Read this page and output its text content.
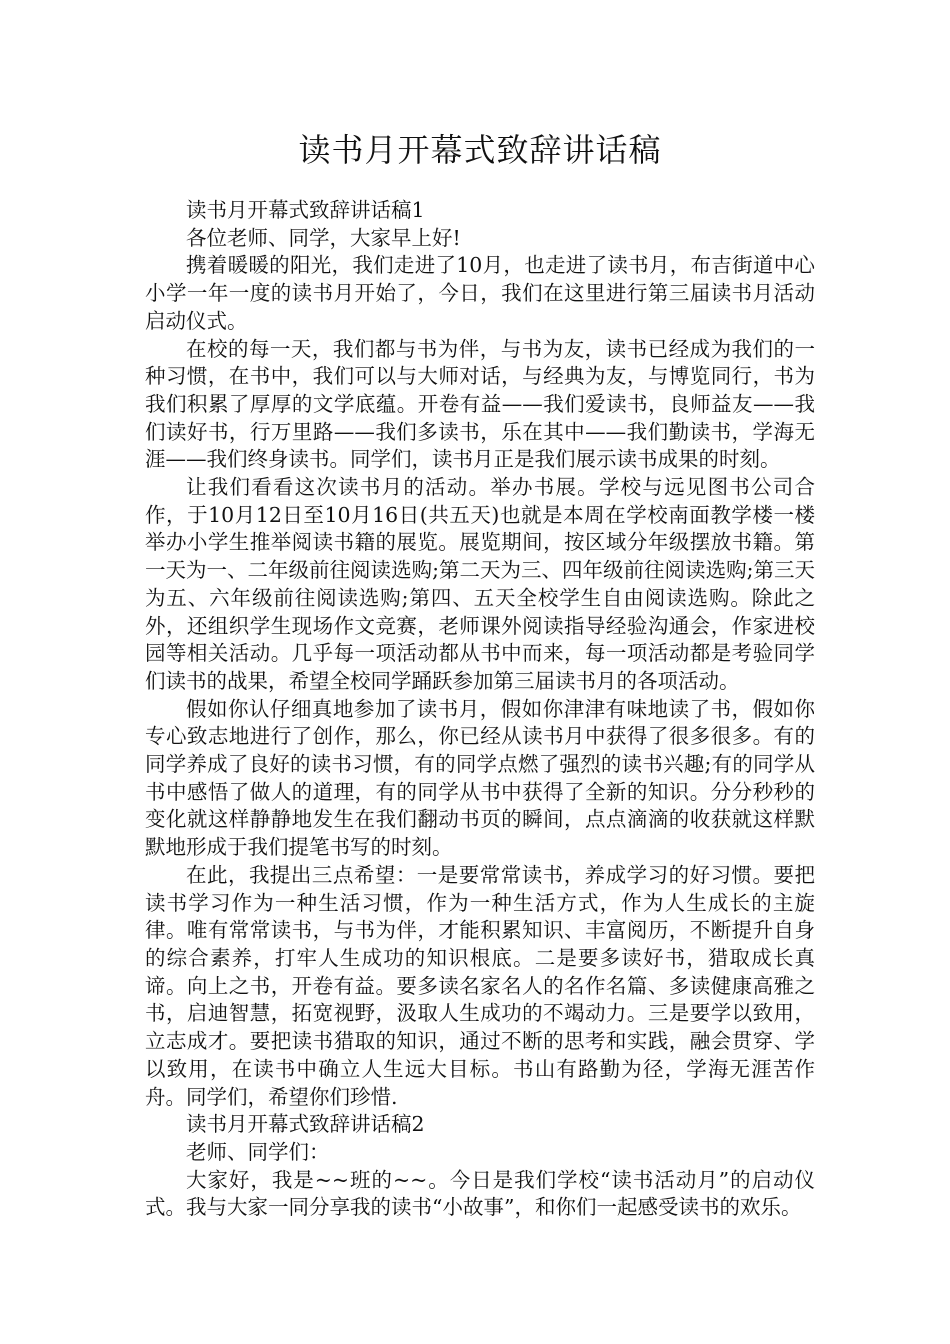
读书月开幕式致辞讲话稿

读书月开幕式致辞讲话稿1

各位老师、同学，大家早上好!

携着暖暖的阳光，我们走进了10月，也走进了读书月，布吉街道中心小学一年一度的读书月开始了，今日，我们在这里进行第三届读书月活动启动仪式。

在校的每一天，我们都与书为伴，与书为友，读书已经成为我们的一种习惯，在书中，我们可以与大师对话，与经典为友，与博览同行，书为我们积累了厚厚的文学底蕴。开卷有益——我们爱读书，良师益友——我们读好书，行万里路——我们多读书，乐在其中——我们勤读书，学海无涯——我们终身读书。同学们，读书月正是我们展示读书成果的时刻。

让我们看看这次读书月的活动。举办书展。学校与远见图书公司合作，于10月12日至10月16日(共五天)也就是本周在学校南面教学楼一楼举办小学生推举阅读书籍的展览。展览期间，按区域分年级摆放书籍。第一天为一、二年级前往阅读选购;第二天为三、四年级前往阅读选购;第三天为五、六年级前往阅读选购;第四、五天全校学生自由阅读选购。除此之外，还组织学生现场作文竞赛，老师课外阅读指导经验沟通会，作家进校园等相关活动。几乎每一项活动都从书中而来，每一项活动都是考验同学们读书的战果，希望全校同学踊跃参加第三届读书月的各项活动。

假如你认仔细真地参加了读书月，假如你津津有味地读了书，假如你专心致志地进行了创作，那么，你已经从读书月中获得了很多很多。有的同学养成了良好的读书习惯，有的同学点燃了强烈的读书兴趣;有的同学从书中感悟了做人的道理，有的同学从书中获得了全新的知识。分分秒秒的变化就这样静静地发生在我们翻动书页的瞬间，点点滴滴的收获就这样默默地形成于我们提笔书写的时刻。

在此，我提出三点希望：一是要常常读书，养成学习的好习惯。要把读书学习作为一种生活习惯，作为一种生活方式，作为人生成长的主旋律。唯有常常读书，与书为伴，才能积累知识、丰富阅历，不断提升自身的综合素养，打牢人生成功的知识根底。二是要多读好书，猎取成长真谛。向上之书，开卷有益。要多读名家名人的名作名篇、多读健康高雅之书，启迪智慧，拓宽视野，汲取人生成功的不竭动力。三是要学以致用，立志成才。要把读书猎取的知识，通过不断的思考和实践，融会贯穿、学以致用，在读书中确立人生远大目标。书山有路勤为径，学海无涯苦作舟。同学们，希望你们珍惜.

读书月开幕式致辞讲话稿2

老师、同学们：

大家好，我是~~班的~~。今日是我们学校“读书活动月”的启动仪式。我与大家一同分享我的读书“小故事”，和你们一起感受读书的欢乐。
